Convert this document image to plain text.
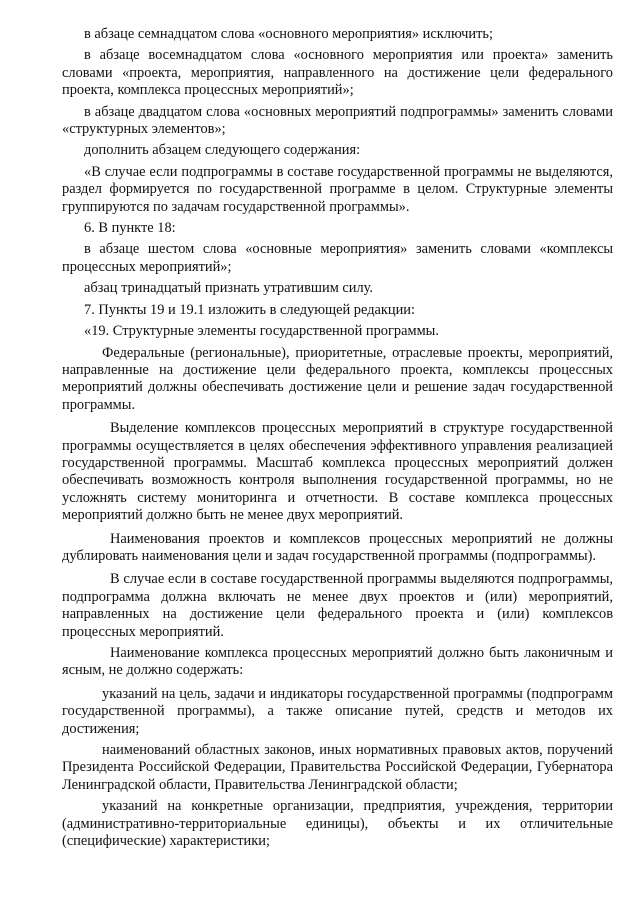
в абзаце семнадцатом слова «основного мероприятия» исключить;

в абзаце восемнадцатом слова «основного мероприятия или проекта» заменить словами «проекта, мероприятия, направленного на достижение цели федерального проекта, комплекса процессных мероприятий»;

в абзаце двадцатом слова «основных мероприятий подпрограммы» заменить словами «структурных элементов»;

дополнить абзацем следующего содержания:

«В случае если подпрограммы в составе государственной программы не выделяются, раздел формируется по государственной программе в целом. Структурные элементы группируются по задачам государственной программы».

6. В пункте 18:

в абзаце шестом слова «основные мероприятия» заменить словами «комплексы процессных мероприятий»;

абзац тринадцатый признать утратившим силу.

7. Пункты 19 и 19.1 изложить в следующей редакции:

«19. Структурные элементы государственной программы.

Федеральные (региональные), приоритетные, отраслевые проекты, мероприятий, направленные на достижение цели федерального проекта, комплексы процессных мероприятий должны обеспечивать достижение цели и решение задач государственной программы.

Выделение комплексов процессных мероприятий в структуре государственной программы осуществляется в целях обеспечения эффективного управления реализацией государственной программы. Масштаб комплекса процессных мероприятий должен обеспечивать возможность контроля выполнения государственной программы, но не усложнять систему мониторинга и отчетности. В составе комплекса процессных мероприятий должно быть не менее двух мероприятий.

Наименования проектов и комплексов процессных мероприятий не должны дублировать наименования цели и задач государственной программы (подпрограммы).

В случае если в составе государственной программы выделяются подпрограммы, подпрограмма должна включать не менее двух проектов и (или) мероприятий, направленных на достижение цели федерального проекта и (или) комплексов процессных мероприятий.

Наименование комплекса процессных мероприятий должно быть лаконичным и ясным, не должно содержать:

указаний на цель, задачи и индикаторы государственной программы (подпрограмм государственной программы), а также описание путей, средств и методов их достижения;

наименований областных законов, иных нормативных правовых актов, поручений Президента Российской Федерации, Правительства Российской Федерации, Губернатора Ленинградской области, Правительства Ленинградской области;

указаний на конкретные организации, предприятия, учреждения, территории (административно-территориальные единицы), объекты и их отличительные (специфические) характеристики;
